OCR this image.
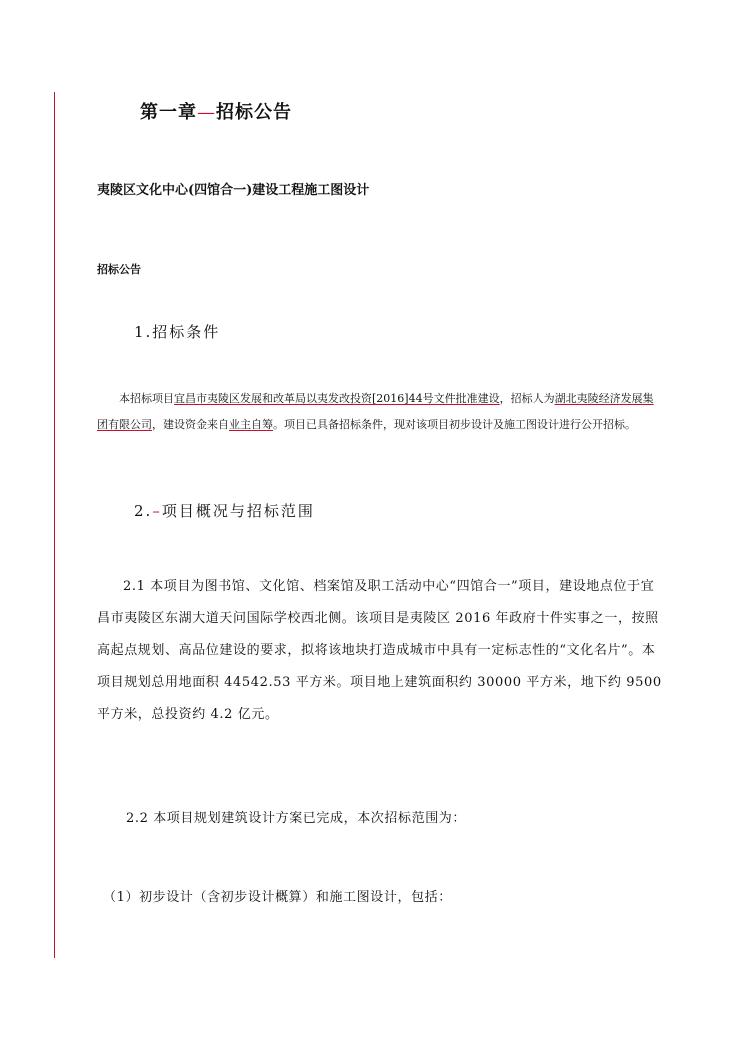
第一章—招标公告
夷陵区文化中心(四馆合一)建设工程施工图设计
招标公告
1.招标条件
本招标项目宜昌市夷陵区发展和改革局以夷发改投资[2016]44号文件批准建设，招标人为湖北夷陵经济发展集团有限公司，建设资金来自业主自筹。项目已具备招标条件，现对该项目初步设计及施工图设计进行公开招标。
2.–项目概况与招标范围
2.1 本项目为图书馆、文化馆、档案馆及职工活动中心“四馆合一”项目，建设地点位于宜昌市夷陵区东湖大道天问国际学校西北侧。该项目是夷陵区 2016 年政府十件实事之一，按照高起点规划、高品位建设的要求，拟将该地块打造成城市中具有一定标志性的“文化名片”。本项目规划总用地面积 44542.53 平方米。项目地上建筑面积约 30000 平方米，地下约 9500 平方米，总投资约 4.2 亿元。
2.2 本项目规划建筑设计方案已完成，本次招标范围为：
（1）初步设计（含初步设计概算）和施工图设计，包括：
